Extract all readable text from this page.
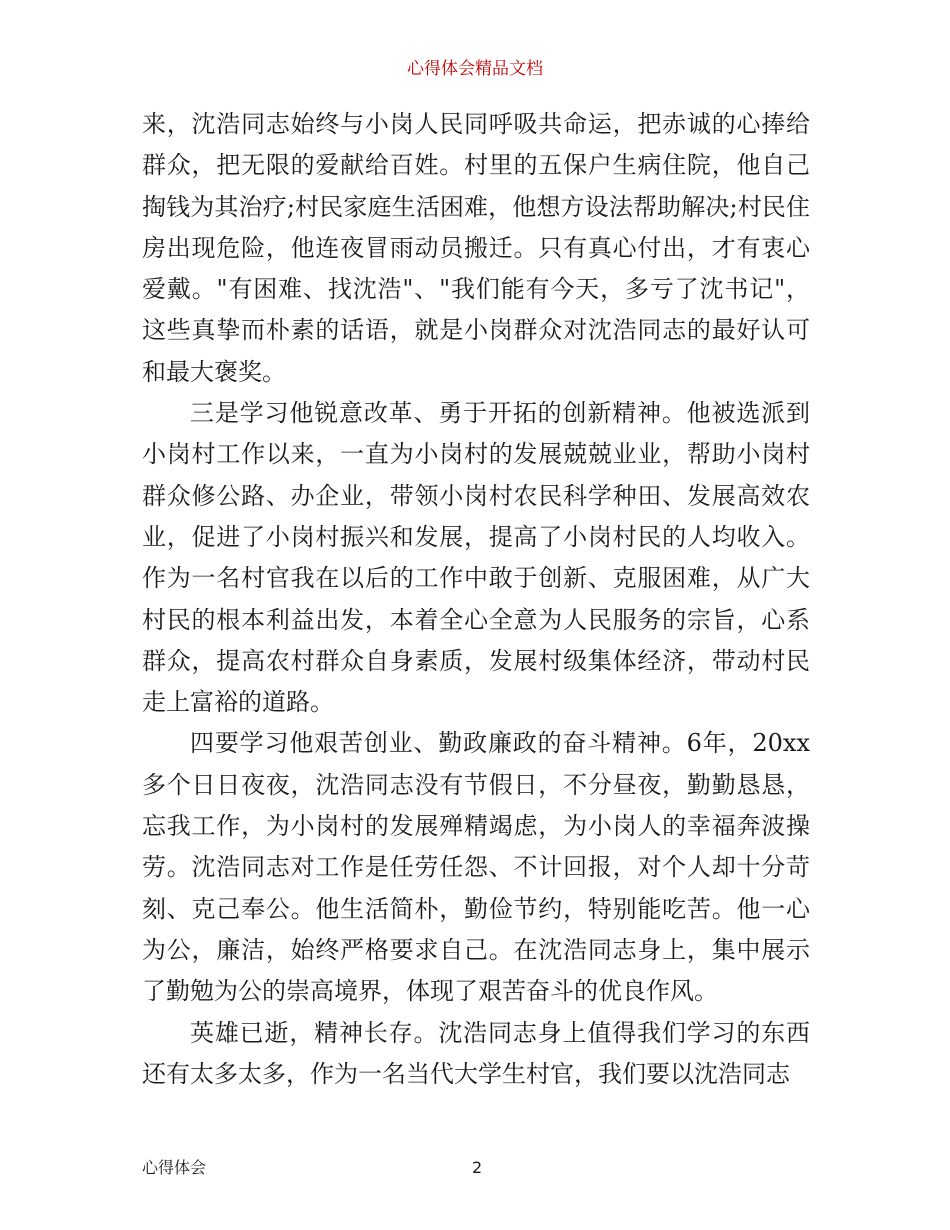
心得体会精品文档

来，沈浩同志始终与小岗人民同呼吸共命运，把赤诚的心捧给群众，把无限的爱献给百姓。村里的五保户生病住院，他自己掏钱为其治疗;村民家庭生活困难，他想方设法帮助解决;村民住房出现危险，他连夜冒雨动员搬迁。只有真心付出，才有衷心爱戴。"有困难、找沈浩"、"我们能有今天，多亏了沈书记"，这些真挚而朴素的话语，就是小岗群众对沈浩同志的最好认可和最大褒奖。

三是学习他锐意改革、勇于开拓的创新精神。他被选派到小岗村工作以来，一直为小岗村的发展兢兢业业，帮助小岗村群众修公路、办企业，带领小岗村农民科学种田、发展高效农业，促进了小岗村振兴和发展，提高了小岗村民的人均收入。作为一名村官我在以后的工作中敢于创新、克服困难，从广大村民的根本利益出发，本着全心全意为人民服务的宗旨，心系群众，提高农村群众自身素质，发展村级集体经济，带动村民走上富裕的道路。

四要学习他艰苦创业、勤政廉政的奋斗精神。6年，20xx多个日日夜夜，沈浩同志没有节假日，不分昼夜，勤勤恳恳，忘我工作，为小岗村的发展殚精竭虑，为小岗人的幸福奔波操劳。沈浩同志对工作是任劳任怨、不计回报，对个人却十分苛刻、克己奉公。他生活简朴，勤俭节约，特别能吃苦。他一心为公，廉洁，始终严格要求自己。在沈浩同志身上，集中展示了勤勉为公的崇高境界，体现了艰苦奋斗的优良作风。

英雄已逝，精神长存。沈浩同志身上值得我们学习的东西还有太多太多，作为一名当代大学生村官，我们要以沈浩同志

心得体会	2
